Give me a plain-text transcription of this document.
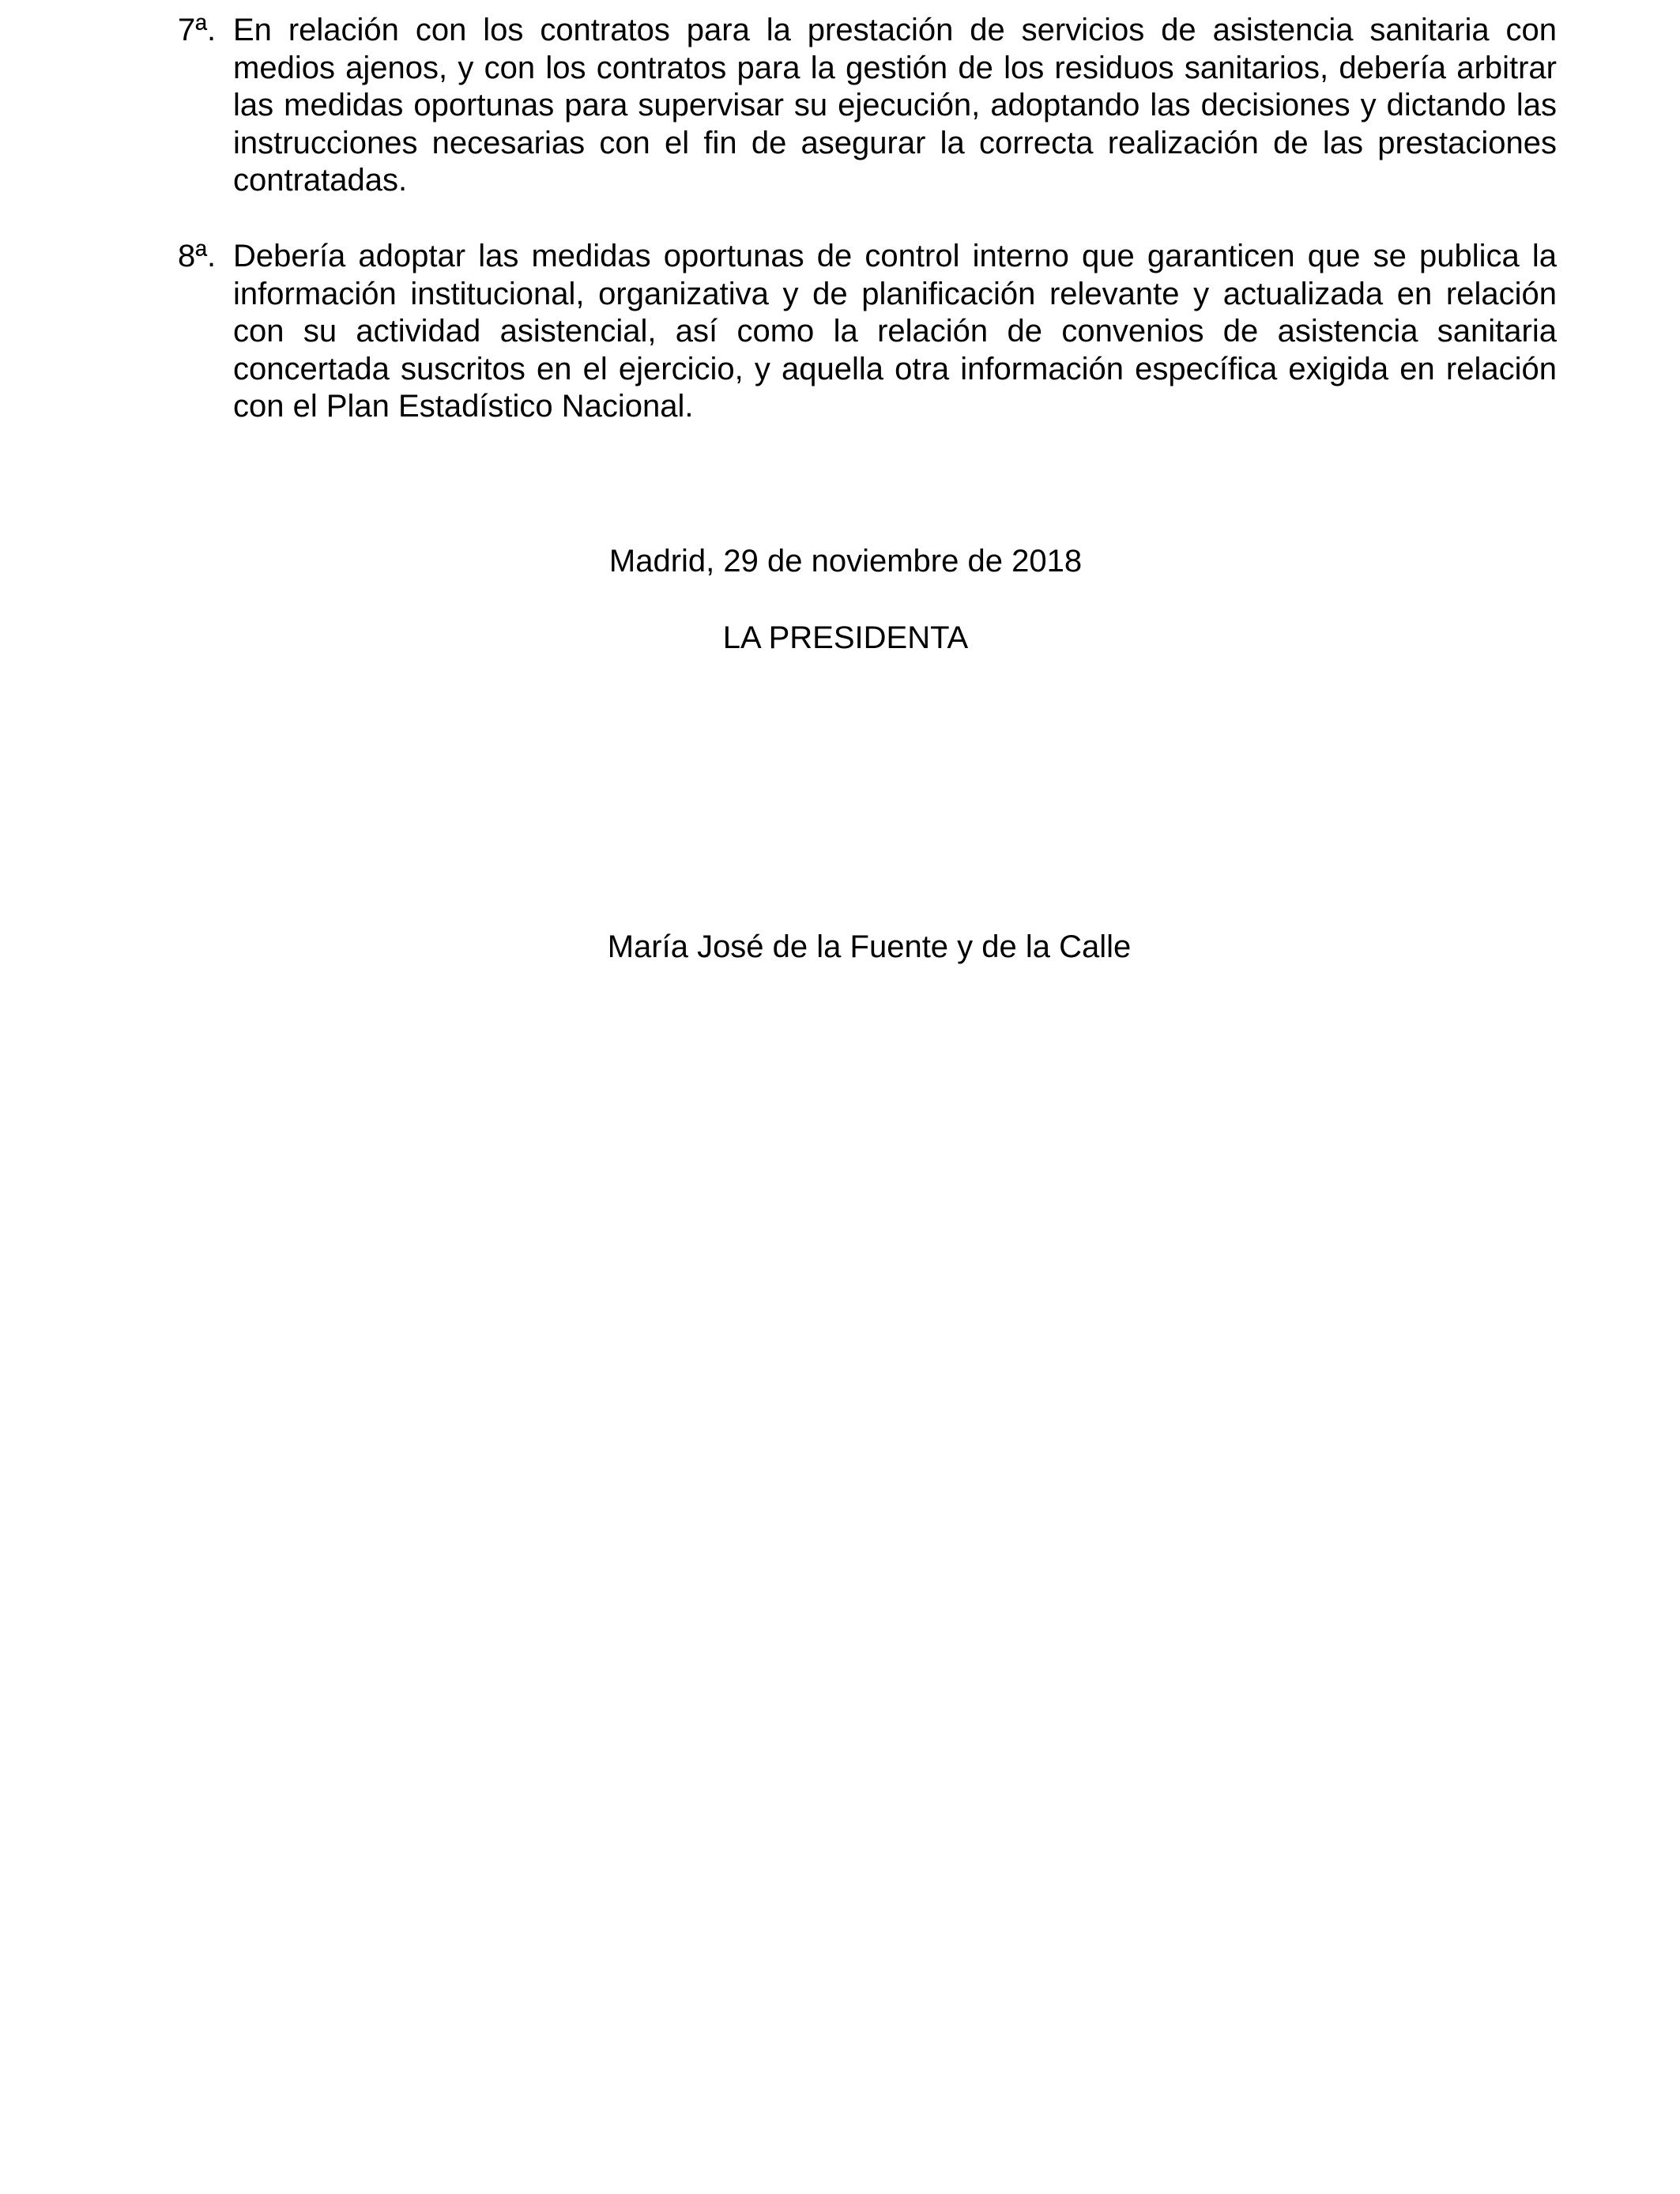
7ª. En relación con los contratos para la prestación de servicios de asistencia sanitaria con medios ajenos, y con los contratos para la gestión de los residuos sanitarios, debería arbitrar las medidas oportunas para supervisar su ejecución, adoptando las decisiones y dictando las instrucciones necesarias con el fin de asegurar la correcta realización de las prestaciones contratadas.
8ª. Debería adoptar las medidas oportunas de control interno que garanticen que se publica la información institucional, organizativa y de planificación relevante y actualizada en relación con su actividad asistencial, así como la relación de convenios de asistencia sanitaria concertada suscritos en el ejercicio, y aquella otra información específica exigida en relación con el Plan Estadístico Nacional.
Madrid, 29 de noviembre de 2018
LA PRESIDENTA
María José de la Fuente y de la Calle
